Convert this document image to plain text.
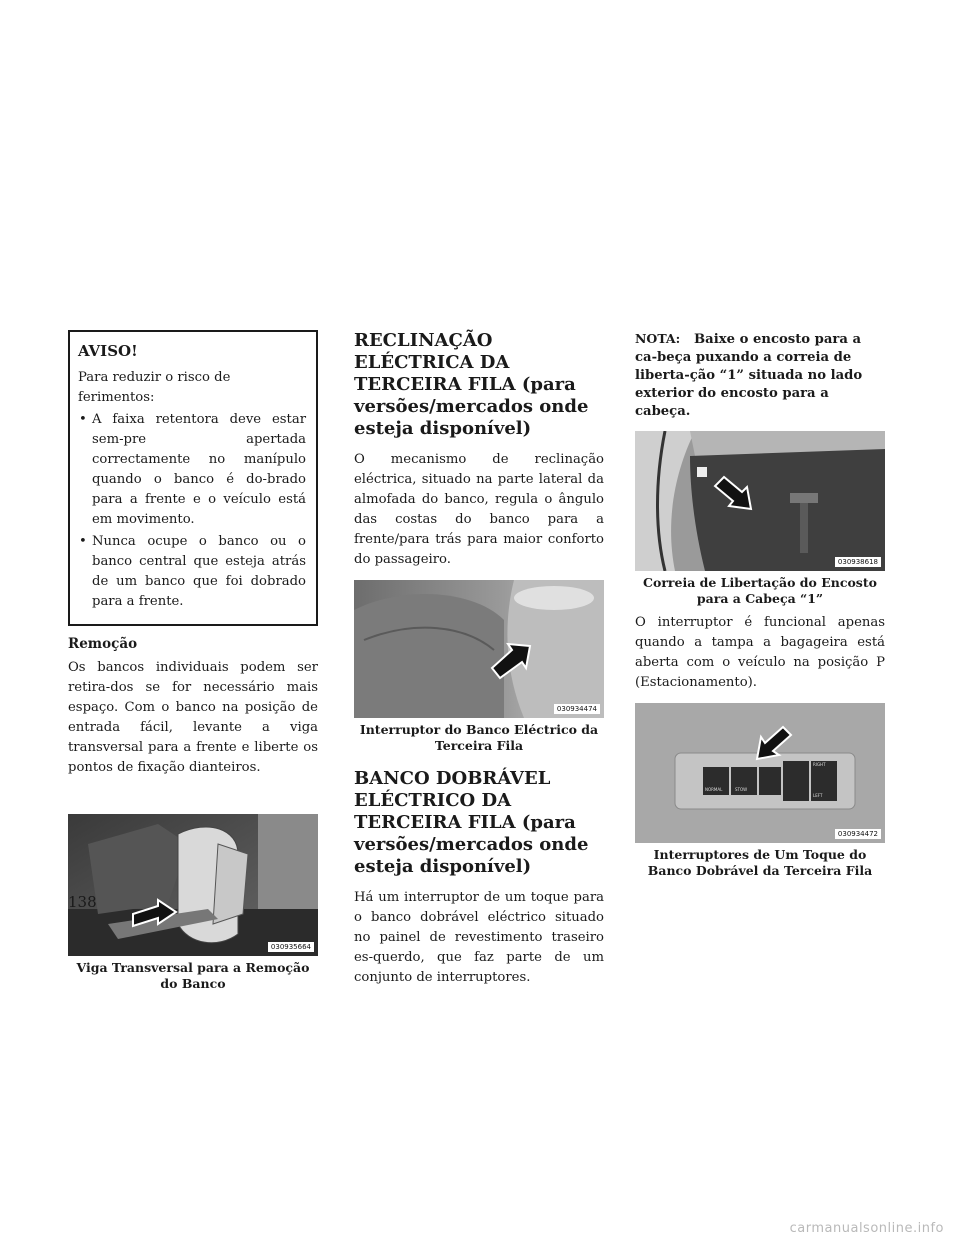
AVISO!

Para reduzir o risco de ferimentos:

• A faixa retentora deve estar sem-pre apertada correctamente no manípulo quando o banco é do-brado para a frente e o veículo está em movimento.
• Nunca ocupe o banco ou o banco central que esteja atrás de um banco que foi dobrado para a frente.

Remoção

Os bancos individuais podem ser retira-dos se for necessário mais espaço. Com o banco na posição de entrada fácil, levante a viga transversal para a frente e liberte os pontos de fixação dianteiros.

030935664

Viga Transversal para a Remoção do Banco

RECLINAÇÃO ELÉCTRICA DA TERCEIRA FILA (para versões/mercados onde esteja disponível)

O mecanismo de reclinação eléctrica, situado na parte lateral da almofada do banco, regula o ângulo das costas do banco para a frente/para trás para maior conforto do passageiro.

030934474

Interruptor do Banco Eléctrico da Terceira Fila

BANCO DOBRÁVEL ELÉCTRICO DA TERCEIRA FILA (para versões/mercados onde esteja disponível)

Há um interruptor de um toque para o banco dobrável eléctrico situado no painel de revestimento traseiro es-querdo, que faz parte de um conjunto de interruptores.

NOTA: Baixe o encosto para a ca-beça puxando a correia de liberta-ção “1” situada no lado exterior do encosto para a cabeça.

030938618

Correia de Libertação do Encosto para a Cabeça “1”

O interruptor é funcional apenas quando a tampa a bagageira está aberta com o veículo na posição P (Estacionamento).

NORMAL	STOW
RIGHT
LEFT
030934472

Interruptores de Um Toque do Banco Dobrável da Terceira Fila

138
carmanualsonline.info
